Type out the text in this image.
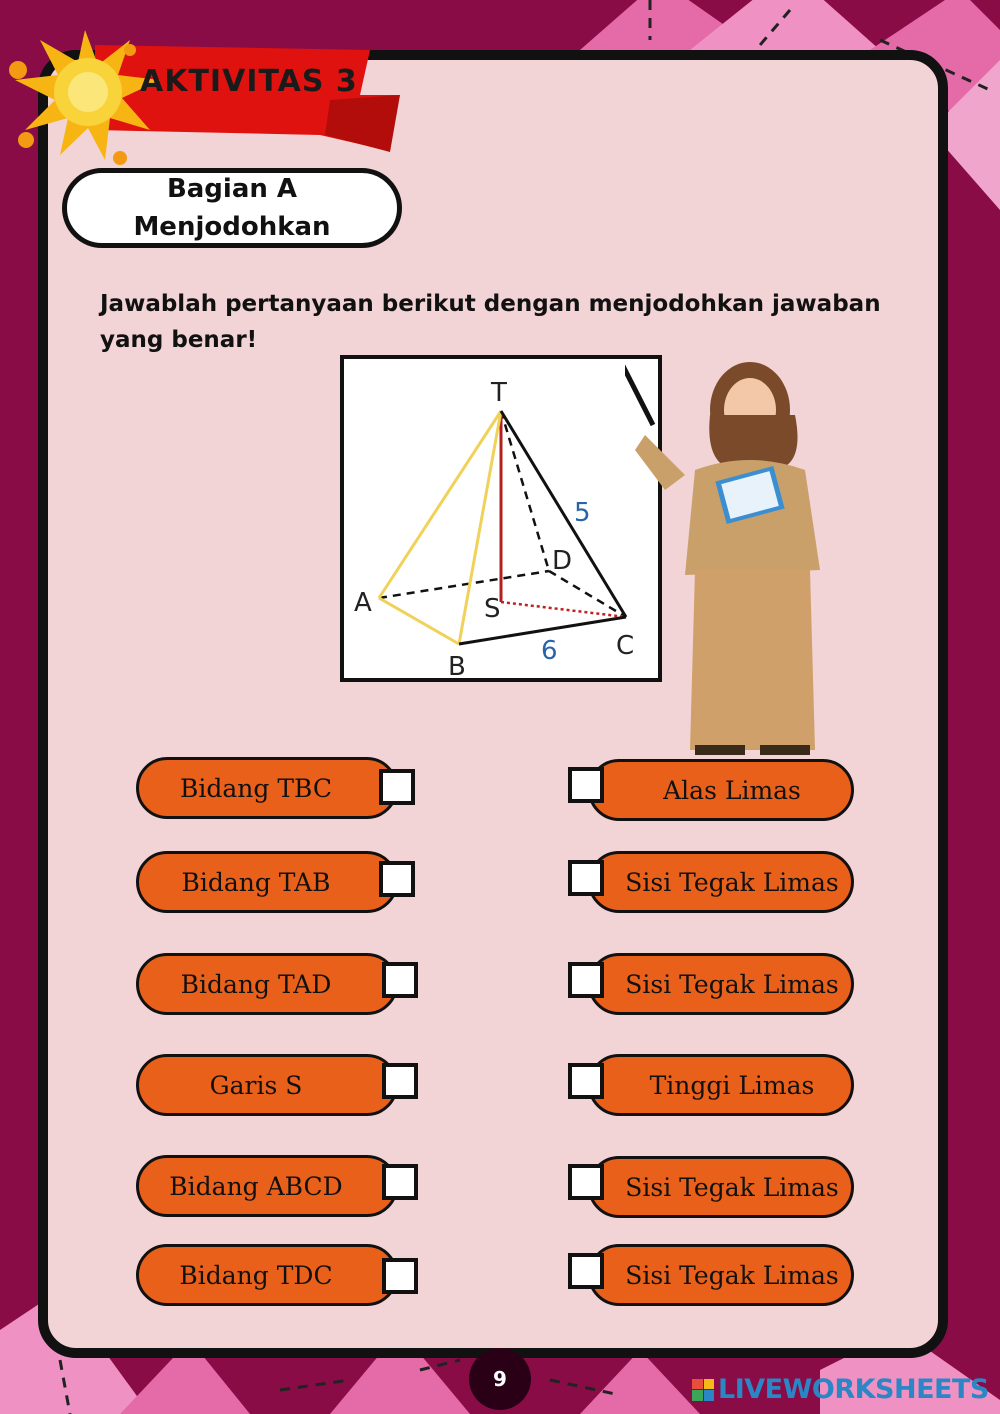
AKTIVITAS 3
Bagian A
Menjodohkan
Jawablah pertanyaan berikut dengan menjodohkan jawaban yang benar!
T
A
B
C
D
S
5
6
Bidang TBC
Bidang TAB
Bidang TAD
Garis S
Bidang ABCD
Bidang TDC
Alas Limas
Sisi Tegak Limas
Sisi Tegak Limas
Tinggi Limas
Sisi Tegak Limas
Sisi Tegak Limas
9	LIVEWORKSHEETS
